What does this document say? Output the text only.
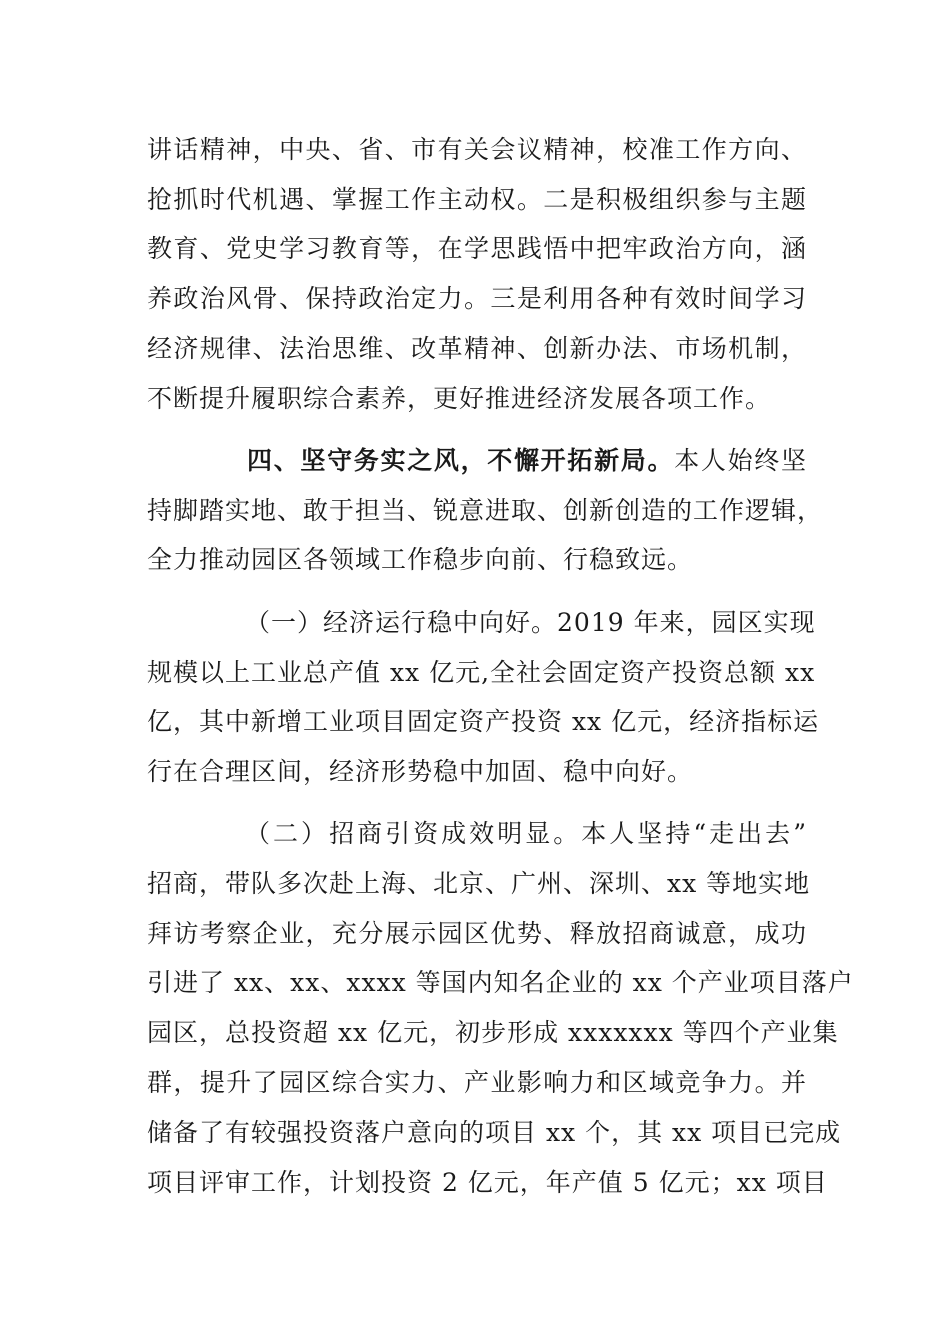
讲话精神，中央、省、市有关会议精神，校准工作方向、
抢抓时代机遇、掌握工作主动权。二是积极组织参与主题
教育、党史学习教育等，在学思践悟中把牢政治方向，涵
养政治风骨、保持政治定力。三是利用各种有效时间学习
经济规律、法治思维、改革精神、创新办法、市场机制，
不断提升履职综合素养，更好推进经济发展各项工作。
四、坚守务实之风，不懈开拓新局。本人始终坚
持脚踏实地、敢于担当、锐意进取、创新创造的工作逻辑，
全力推动园区各领域工作稳步向前、行稳致远。
（一）经济运行稳中向好。2019 年来，园区实现
规模以上工业总产值 xx 亿元,全社会固定资产投资总额 xx
亿，其中新增工业项目固定资产投资 xx 亿元，经济指标运
行在合理区间，经济形势稳中加固、稳中向好。
（二）招商引资成效明显。本人坚持“走出去”
招商，带队多次赴上海、北京、广州、深圳、xx 等地实地
拜访考察企业，充分展示园区优势、释放招商诚意，成功
引进了 xx、xx、xxxx 等国内知名企业的 xx 个产业项目落户
园区，总投资超 xx 亿元，初步形成 xxxxxxx 等四个产业集
群，提升了园区综合实力、产业影响力和区域竞争力。并
储备了有较强投资落户意向的项目 xx 个，其 xx 项目已完成
项目评审工作，计划投资 2 亿元，年产值 5 亿元；xx 项目
